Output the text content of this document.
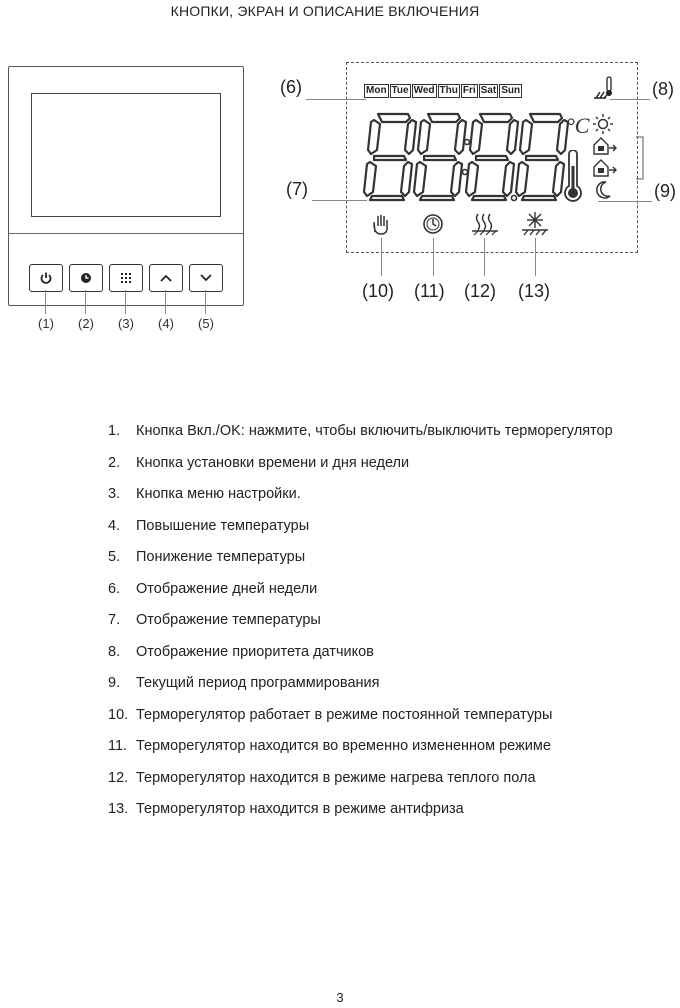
КНОПКИ, ЭКРАН И ОПИСАНИЕ ВКЛЮЧЕНИЯ
(1)	(2)	(3)	(4)	(5)
Mon Tue Wed Thu Fri Sat Sun
°C
(6)	(8)
(7)	(9)
(10) (11) (12) (13)
1.	Кнопка Вкл./OK: нажмите, чтобы включить/выключить терморегулятор
2.	Кнопка установки времени и дня недели
3.	Кнопка меню настройки.
4.	Повышение температуры
5.	Понижение температуры
6.	Отображение дней недели
7.	Отображение температуры
8.	Отображение приоритета датчиков
9.	Текущий период программирования
10. Терморегулятор работает в режиме постоянной температуры
11. Терморегулятор находится во временно измененном режиме
12. Терморегулятор находится в режиме нагрева теплого пола
13. Терморегулятор находится в режиме антифриза
3
